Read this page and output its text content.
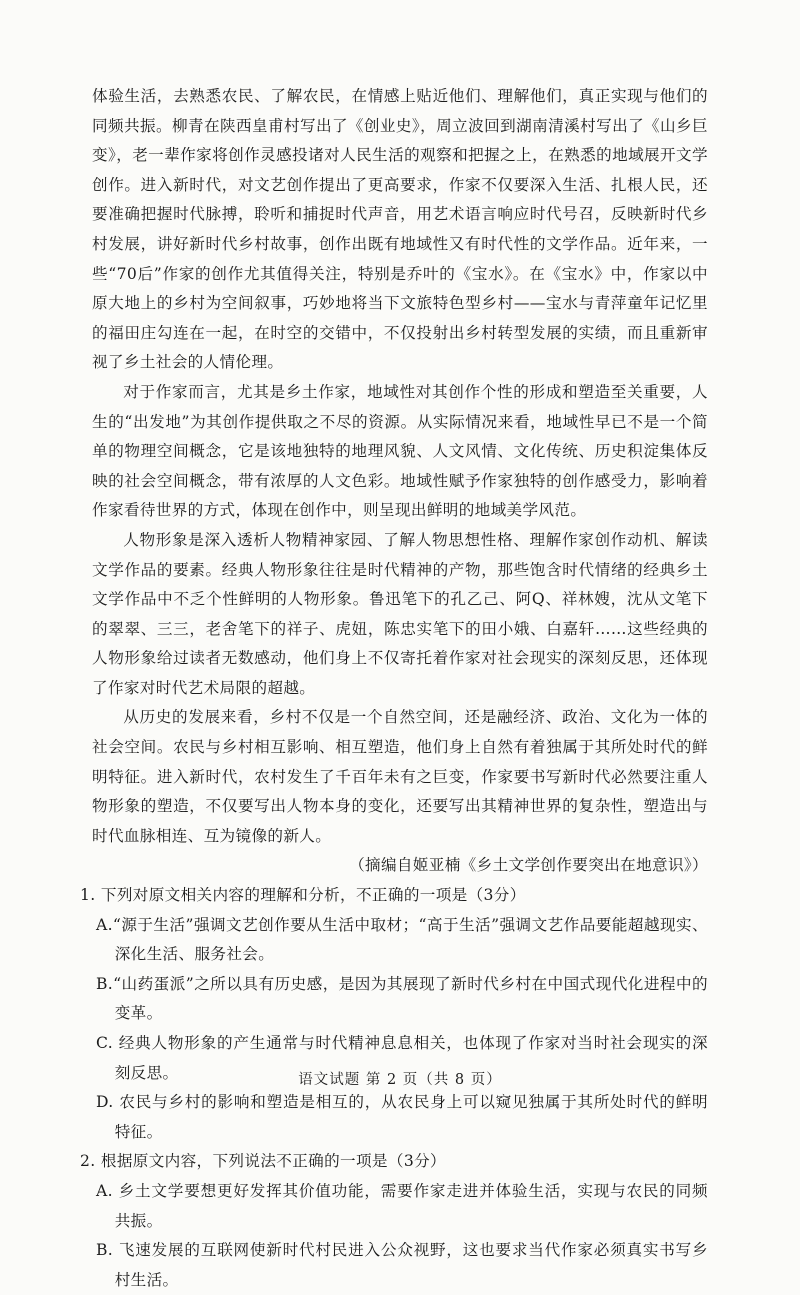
体验生活，去熟悉农民、了解农民，在情感上贴近他们、理解他们，真正实现与他们的同频共振。柳青在陕西皇甫村写出了《创业史》，周立波回到湖南清溪村写出了《山乡巨变》，老一辈作家将创作灵感投诸对人民生活的观察和把握之上，在熟悉的地域展开文学创作。进入新时代，对文艺创作提出了更高要求，作家不仅要深入生活、扎根人民，还要准确把握时代脉搏，聆听和捕捉时代声音，用艺术语言响应时代号召，反映新时代乡村发展，讲好新时代乡村故事，创作出既有地域性又有时代性的文学作品。近年来，一些“70后”作家的创作尤其值得关注，特别是乔叶的《宝水》。在《宝水》中，作家以中原大地上的乡村为空间叙事，巧妙地将当下文旅特色型乡村——宝水与青萍童年记忆里的福田庄勾连在一起，在时空的交错中，不仅投射出乡村转型发展的实绩，而且重新审视了乡土社会的人情伦理。

对于作家而言，尤其是乡土作家，地域性对其创作个性的形成和塑造至关重要，人生的“出发地”为其创作提供取之不尽的资源。从实际情况来看，地域性早已不是一个简单的物理空间概念，它是该地独特的地理风貌、人文风情、文化传统、历史积淀集体反映的社会空间概念，带有浓厚的人文色彩。地域性赋予作家独特的创作感受力，影响着作家看待世界的方式，体现在创作中，则呈现出鲜明的地域美学风范。

人物形象是深入透析人物精神家园、了解人物思想性格、理解作家创作动机、解读文学作品的要素。经典人物形象往往是时代精神的产物，那些饱含时代情绪的经典乡土文学作品中不乏个性鲜明的人物形象。鲁迅笔下的孔乙己、阿Q、祥林嫂，沈从文笔下的翠翠、三三，老舍笔下的祥子、虎妞，陈忠实笔下的田小娥、白嘉轩……这些经典的人物形象给过读者无数感动，他们身上不仅寄托着作家对社会现实的深刻反思，还体现了作家对时代艺术局限的超越。

从历史的发展来看，乡村不仅是一个自然空间，还是融经济、政治、文化为一体的社会空间。农民与乡村相互影响、相互塑造，他们身上自然有着独属于其所处时代的鲜明特征。进入新时代，农村发生了千百年未有之巨变，作家要书写新时代必然要注重人物形象的塑造，不仅要写出人物本身的变化，还要写出其精神世界的复杂性，塑造出与时代血脉相连、互为镜像的新人。

（摘编自姬亚楠《乡土文学创作要突出在地意识》）

1. 下列对原文相关内容的理解和分析，不正确的一项是（3分）

A.“源于生活”强调文艺创作要从生活中取材；“高于生活”强调文艺作品要能超越现实、深化生活、服务社会。

B.“山药蛋派”之所以具有历史感，是因为其展现了新时代乡村在中国式现代化进程中的变革。

C. 经典人物形象的产生通常与时代精神息息相关，也体现了作家对当时社会现实的深刻反思。

D. 农民与乡村的影响和塑造是相互的，从农民身上可以窥见独属于其所处时代的鲜明特征。

2. 根据原文内容，下列说法不正确的一项是（3分）

A. 乡土文学要想更好发挥其价值功能，需要作家走进并体验生活，实现与农民的同频共振。

B. 飞速发展的互联网使新时代村民进入公众视野，这也要求当代作家必须真实书写乡村生活。

语文试题 第 2 页（共 8 页）
